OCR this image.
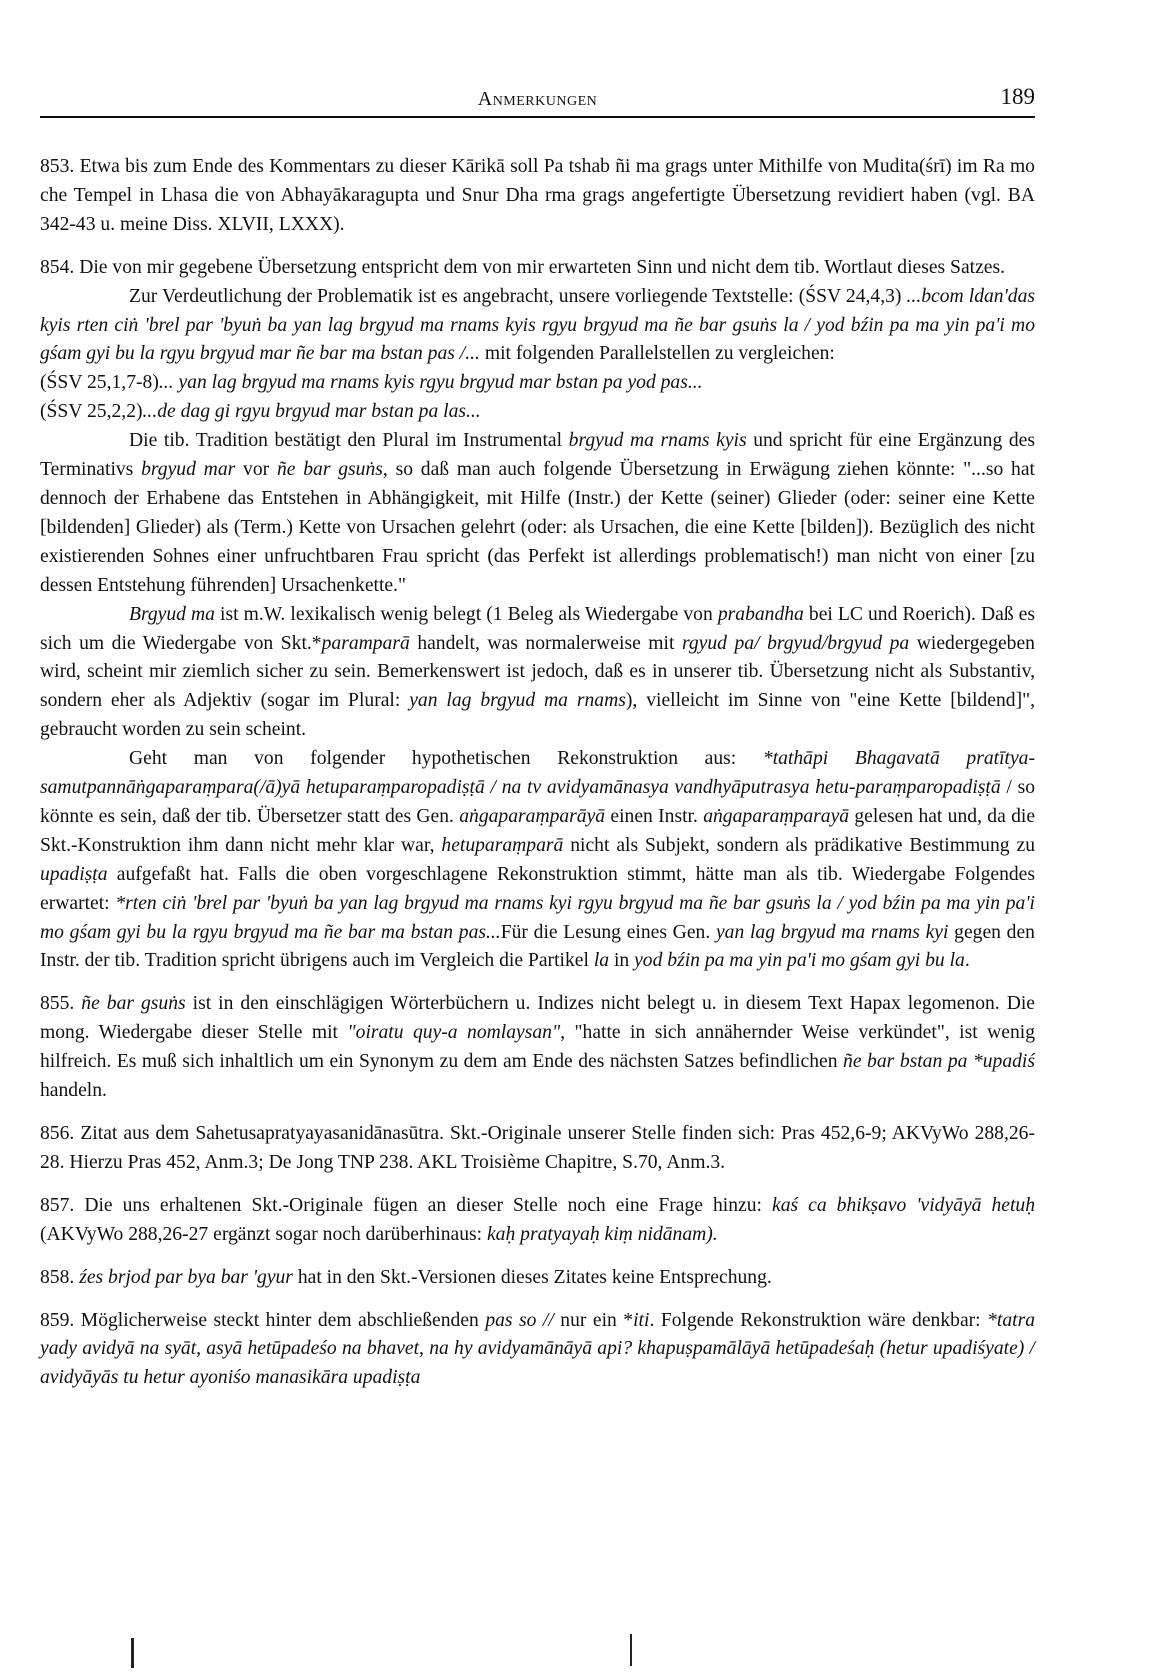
Anmerkungen	189

853. Etwa bis zum Ende des Kommentars zu dieser Kārikā soll Pa tshab ñi ma grags unter Mithilfe von Mudita(śrī) im Ra mo che Tempel in Lhasa die von Abhayākaragupta und Snur Dha rma grags angefertigte Übersetzung revidiert haben (vgl. BA 342-43 u. meine Diss. XLVII, LXXX).

854. Die von mir gegebene Übersetzung entspricht dem von mir erwarteten Sinn und nicht dem tib. Wortlaut dieses Satzes.

Zur Verdeutlichung der Problematik ist es angebracht, unsere vorliegende Textstelle: (ŚSV 24,4,3) ...bcom ldan'das kyis rten ciṅ 'brel par 'byuṅ ba yan lag brgyud ma rnams kyis rgyu brgyud ma ñe bar gsuṅs la / yod bźin pa ma yin pa'i mo gśam gyi bu la rgyu brgyud mar ñe bar ma bstan pas /... mit folgenden Parallelstellen zu vergleichen:

(ŚSV 25,1,7-8)... yan lag brgyud ma rnams kyis rgyu brgyud mar bstan pa yod pas...

(ŚSV 25,2,2)...de dag gi rgyu brgyud mar bstan pa las...

Die tib. Tradition bestätigt den Plural im Instrumental brgyud ma rnams kyis und spricht für eine Ergänzung des Terminativs brgyud mar vor ñe bar gsuṅs, so daß man auch folgende Übersetzung in Erwägung ziehen könnte: "...so hat dennoch der Erhabene das Entstehen in Abhängigkeit, mit Hilfe (Instr.) der Kette (seiner) Glieder (oder: seiner eine Kette [bildenden] Glieder) als (Term.) Kette von Ursachen gelehrt (oder: als Ursachen, die eine Kette [bilden]). Bezüglich des nicht existierenden Sohnes einer unfruchtbaren Frau spricht (das Perfekt ist allerdings problematisch!) man nicht von einer [zu dessen Entstehung führenden] Ursachenkette."

Brgyud ma ist m.W. lexikalisch wenig belegt (1 Beleg als Wiedergabe von prabandha bei LC und Roerich). Daß es sich um die Wiedergabe von Skt.*paramparā handelt, was normalerweise mit rgyud pa/ brgyud/brgyud pa wiedergegeben wird, scheint mir ziemlich sicher zu sein. Bemerkenswert ist jedoch, daß es in unserer tib. Übersetzung nicht als Substantiv, sondern eher als Adjektiv (sogar im Plural: yan lag brgyud ma rnams), vielleicht im Sinne von "eine Kette [bildend]", gebraucht worden zu sein scheint.

Geht man von folgender hypothetischen Rekonstruktion aus: *tathāpi Bhagavatā pratītya-samutpannāṅgaparaṃpara(/ā)yā hetuparaṃparopadiṣṭā / na tv avidyamānasya vandhyāputrasya hetu-paraṃparopadiṣṭā / so könnte es sein, daß der tib. Übersetzer statt des Gen. aṅgaparaṃparāyā einen Instr. aṅgaparaṃparayā gelesen hat und, da die Skt.-Konstruktion ihm dann nicht mehr klar war, hetuparaṃparā nicht als Subjekt, sondern als prädikative Bestimmung zu upadiṣṭa aufgefaßt hat. Falls die oben vorgeschlagene Rekonstruktion stimmt, hätte man als tib. Wiedergabe Folgendes erwartet: *rten ciṅ 'brel par 'byuṅ ba yan lag brgyud ma rnams kyi rgyu brgyud ma ñe bar gsuṅs la / yod bźin pa ma yin pa'i mo gśam gyi bu la rgyu brgyud ma ñe bar ma bstan pas...Für die Lesung eines Gen. yan lag brgyud ma rnams kyi gegen den Instr. der tib. Tradition spricht übrigens auch im Vergleich die Partikel la in yod bźin pa ma yin pa'i mo gśam gyi bu la.

855. ñe bar gsuṅs ist in den einschlägigen Wörterbüchern u. Indizes nicht belegt u. in diesem Text Hapax legomenon. Die mong. Wiedergabe dieser Stelle mit "oiratu quy-a nomlaysan", "hatte in sich annähernder Weise verkündet", ist wenig hilfreich. Es muß sich inhaltlich um ein Synonym zu dem am Ende des nächsten Satzes befindlichen ñe bar bstan pa *upadiś handeln.

856. Zitat aus dem Sahetusapratyayasanidānasūtra. Skt.-Originale unserer Stelle finden sich: Pras 452,6-9; AKVyWo 288,26-28. Hierzu Pras 452, Anm.3; De Jong TNP 238. AKL Troisième Chapitre, S.70, Anm.3.

857. Die uns erhaltenen Skt.-Originale fügen an dieser Stelle noch eine Frage hinzu: kaś ca bhikṣavo 'vidyāyā hetuḥ (AKVyWo 288,26-27 ergänzt sogar noch darüberhinaus: kaḥ pratyayaḥ kiṃ nidānam).

858. źes brjod par bya bar 'gyur hat in den Skt.-Versionen dieses Zitates keine Entsprechung.

859. Möglicherweise steckt hinter dem abschließenden pas so // nur ein *iti. Folgende Rekonstruktion wäre denkbar: *tatra yady avidyā na syāt, asyā hetūpadeśo na bhavet, na hy avidyamānāyā api? khapuṣpamālāyā hetūpadeśaḥ (hetur upadiśyate) / avidyāyās tu hetur ayoniśo manasikāra upadiṣṭa
